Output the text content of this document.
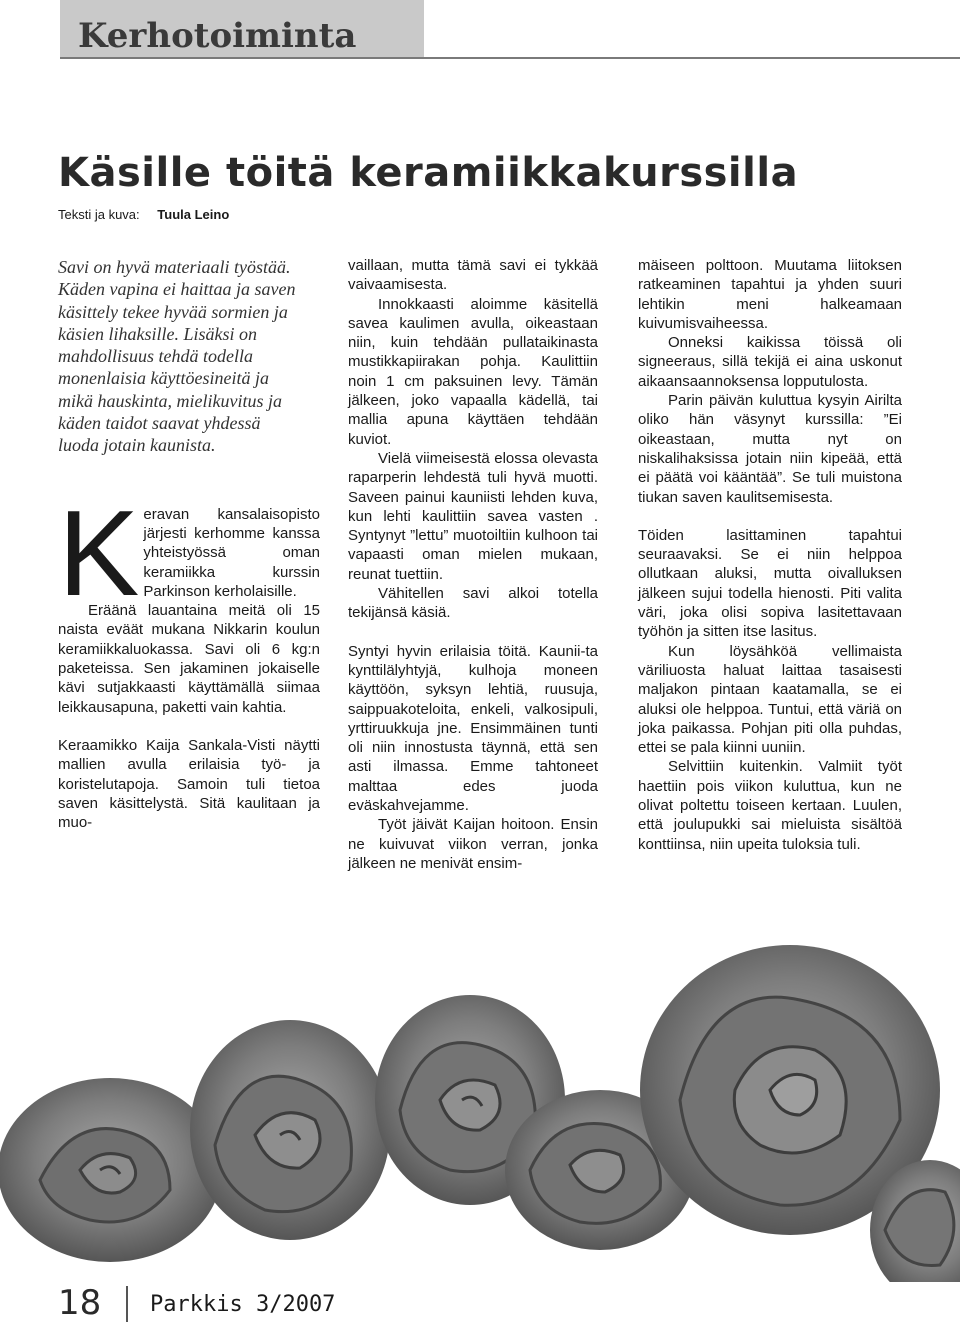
Kerhotoiminta
Käsille töitä keramiikkakurssilla
Teksti ja kuva: Tuula Leino

Savi on hyvä materiaali työstää. Käden vapina ei haittaa ja saven käsittely tekee hyvää sormien ja käsien lihaksille. Lisäksi on mahdollisuus tehdä todella monenlaisia käyttöesineitä ja mikä hauskinta, mielikuvitus ja käden taidot saavat yhdessä luoda jotain kaunista.

K eravan kansalaisopisto järjesti kerhomme kanssa yhteistyössä oman keramiikka kurssin Parkinson kerholaisille.

Eräänä lauantaina meitä oli 15 naista eväät mukana Nikkarin koulun keramiikkaluokassa. Savi oli 6 kg:n paketeissa. Sen jakaminen jokaiselle kävi sutjakkaasti käyttämällä siimaa leikkausapuna, paketti vain kahtia.

Keraamikko Kaija Sankala-Visti näytti mallien avulla erilaisia työ- ja koristelutapoja. Samoin tuli tietoa saven käsittelystä. Sitä kaulitaan ja muo-

vaillaan, mutta tämä savi ei tykkää vaivaamisesta.

Innokkaasti aloimme käsitellä savea kaulimen avulla, oikeastaan niin, kuin tehdään pullataikinasta mustikkapiirakan pohja. Kaulittiin noin 1 cm paksuinen levy. Tämän jälkeen, joko vapaalla kädellä, tai mallia apuna käyttäen tehdään kuviot.

Vielä viimeisestä elossa olevasta raparperin lehdestä tuli hyvä muotti. Saveen painui kauniisti lehden kuva, kun lehti kaulittiin savea vasten . Syntynyt ”lettu” muotoiltiin kulhoon tai vapaasti oman mielen mukaan, reunat tuettiin.

Vähitellen savi alkoi totella tekijänsä käsiä.

Syntyi hyvin erilaisia töitä. Kaunii-ta kynttilälyhtyjä, kulhoja moneen käyttöön, syksyn lehtiä, ruusuja, saippuakoteloita, enkeli, valkosipuli, yrttiruukkuja jne. Ensimmäinen tunti oli niin innostusta täynnä, että sen asti ilmassa. Emme tahtoneet malttaa edes juoda eväskahvejamme.

Työt jäivät Kaijan hoitoon. Ensin ne kuivuvat viikon verran, jonka jälkeen ne menivät ensim-

mäiseen polttoon. Muutama liitoksen ratkeaminen tapahtui ja yhden suuri lehtikin meni halkeamaan kuivumisvaiheessa.

Onneksi kaikissa töissä oli signeeraus, sillä tekijä ei aina uskonut aikaansaannoksensa lopputulosta.

Parin päivän kuluttua kysyin Airilta oliko hän väsynyt kurssilla: ”Ei oikeastaan, mutta nyt on niskalihaksissa jotain niin kipeää, että ei päätä voi kääntää”. Se tuli muistona tiukan saven kaulitsemisesta.

Töiden lasittaminen tapahtui seuraavaksi. Se ei niin helppoa ollutkaan aluksi, mutta oivalluksen jälkeen sujui todella hienosti. Piti valita väri, joka olisi sopiva lasitettavaan työhön ja sitten itse lasitus.

Kun löysähköä vellimaista väriliuosta haluat laittaa tasaisesti maljakon pintaan kaatamalla, se ei aluksi ole helppoa. Tuntui, että väriä on joka paikassa. Pohjan piti olla puhdas, ettei se pala kiinni uuniin.

Selvittiin kuitenkin. Valmiit työt haettiin pois viikon kuluttua, kun ne olivat poltettu toiseen kertaan. Luulen, että joulupukki sai mieluista sisältöä konttiinsa, niin upeita tuloksia tuli.

18 Parkkis 3/2007
